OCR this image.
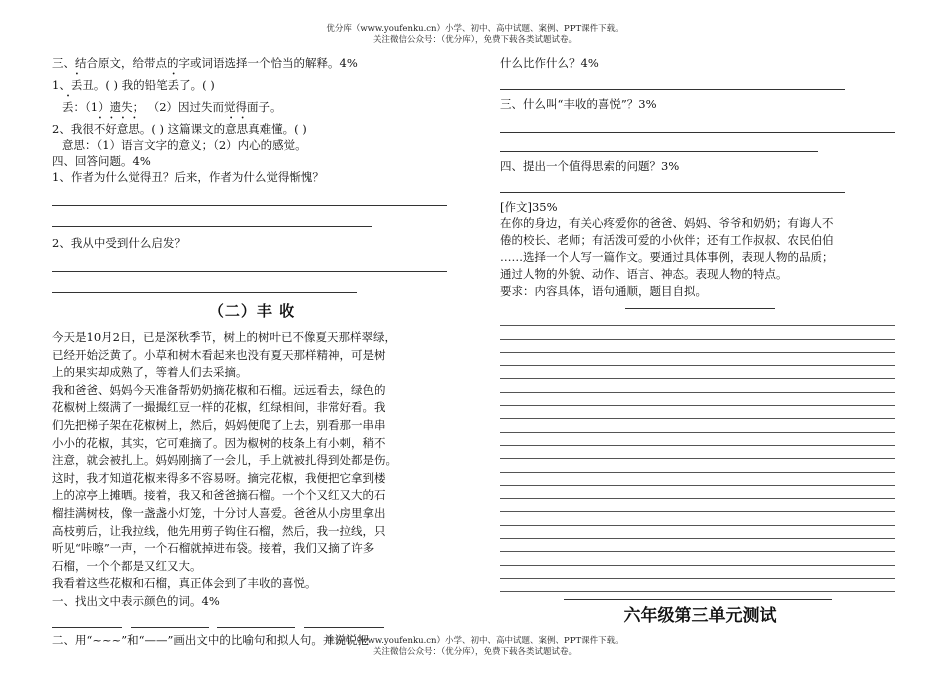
优分库（www.youfenku.cn）小学、初中、高中试题、案例、PPT课件下载。
关注微信公众号：（优分库），免费下载各类试题试卷。
三、结合原文，给带点的字或词语选择一个恰当的解释。4%
1、丢丑。( ) 我的铅笔丢了。( )
丢：（1）遗失； （2）因过失而觉得面子。
2、我很不好意思。( ) 这篇课文的意思真难懂。( )
意思：（1）语言文字的意义；（2）内心的感觉。
四、回答问题。4%
1、作者为什么觉得丑？后来，作者为什么觉得惭愧？
2、我从中受到什么启发？
（二）丰 收
今天是10月2日，已是深秋季节，树上的树叶已不像夏天那样翠绿，
已经开始泛黄了。小草和树木看起来也没有夏天那样精神，可是树
上的果实却成熟了，等着人们去采摘。
我和爸爸、妈妈今天准备帮奶奶摘花椒和石榴。远远看去，绿色的
花椒树上缀满了一撮撮红豆一样的花椒，红绿相间，非常好看。我
们先把梯子架在花椒树上，然后，妈妈便爬了上去，别看那一串串
小小的花椒，其实，它可难摘了。因为椒树的枝条上有小刺，稍不
注意，就会被扎上。妈妈刚摘了一会儿，手上就被扎得到处都是伤。
这时，我才知道花椒来得多不容易呀。摘完花椒，我便把它拿到楼
上的凉亭上摊晒。接着，我又和爸爸摘石榴。一个个又红又大的石
榴挂满树枝，像一盏盏小灯笼，十分讨人喜爱。爸爸从小房里拿出
高枝剪后，让我拉线，他先用剪子钩住石榴，然后，我一拉线，只
听见“咔嚓”一声，一个石榴就掉进布袋。接着，我们又摘了许多
石榴，一个个都是又红又大。
我看着这些花椒和石榴，真正体会到了丰收的喜悦。
一、找出文中表示颜色的词。4%

二、用“~~~”和“——”画出文中的比喻句和拟人句。并说说把
什么比作什么？4%
三、什么叫“丰收的喜悦”？3%
四、提出一个值得思索的问题？3%
[作文]35%
在你的身边，有关心疼爱你的爸爸、妈妈、爷爷和奶奶；有诲人不
倦的校长、老师；有活泼可爱的小伙伴；还有工作叔叔、农民伯伯
……选择一个人写一篇作文。要通过具体事例，表现人物的品质；
通过人物的外貌、动作、语言、神态。表现人物的特点。
要求：内容具体，语句通顺，题目自拟。
六年级第三单元测试
优分库（www.youfenku.cn）小学、初中、高中试题、案例、PPT课件下载。
关注微信公众号：（优分库），免费下载各类试题试卷。
